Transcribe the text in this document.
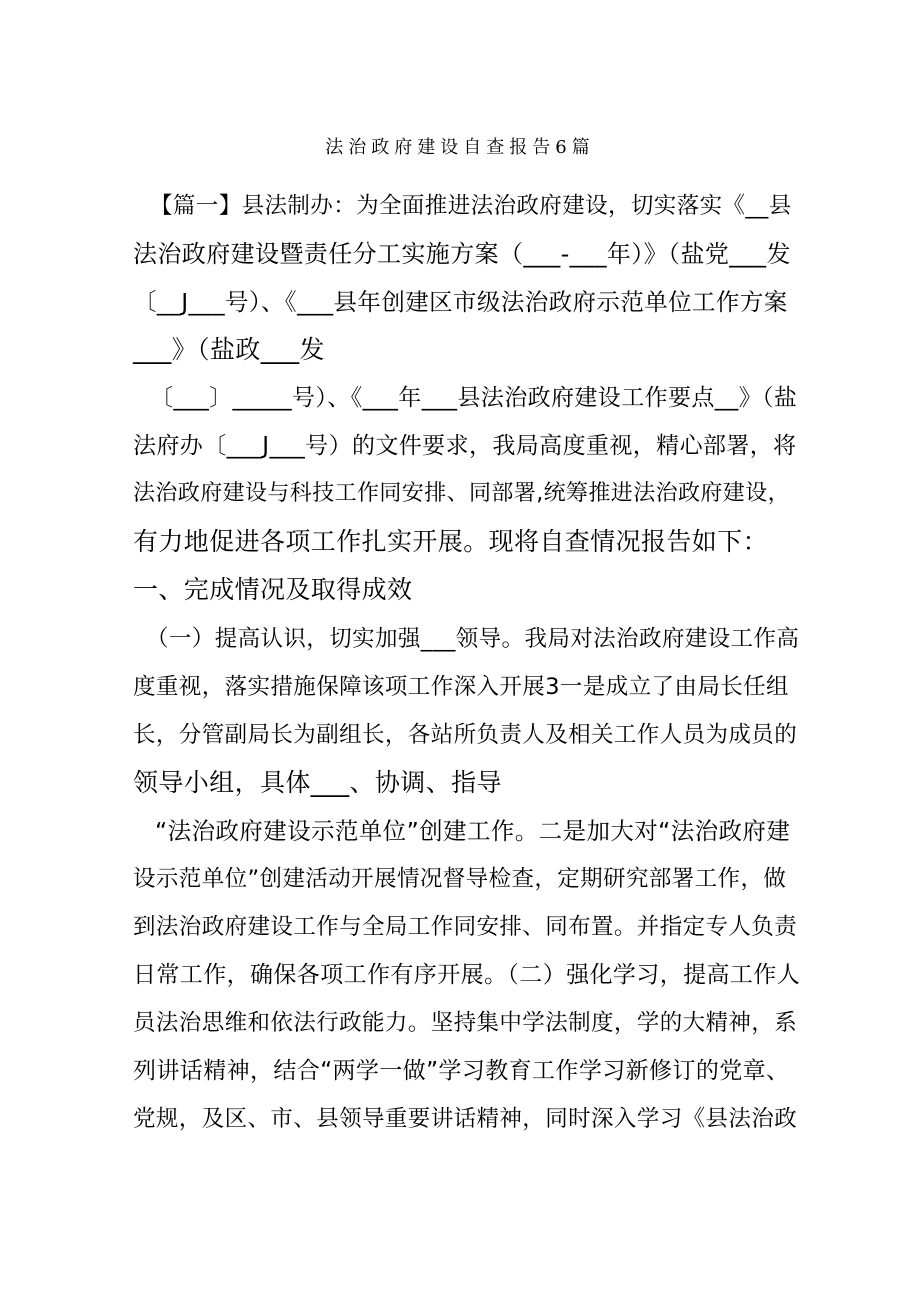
法治政府建设自查报告6篇
【篇一】县法制办：为全面推进法治政府建设，切实落实《__县
法治政府建设暨责任分工实施方案（___-___年）》（盐党___发
〔__J___号）、《___县年创建区市级法治政府示范单位工作方案
___》（盐政___发
〔___〕_____号）、《___年___县法治政府建设工作要点__》（盐
法府办〔___J___号）的文件要求，我局高度重视，精心部署，将
法治政府建设与科技工作同安排、同部署,统筹推进法治政府建设，
有力地促进各项工作扎实开展。现将自查情况报告如下：
一、完成情况及取得成效
（一）提高认识，切实加强___领导。我局对法治政府建设工作高
度重视，落实措施保障该项工作深入开展3一是成立了由局长任组
长，分管副局长为副组长，各站所负责人及相关工作人员为成员的
领导小组，具体___、协调、指导
“法治政府建设示范单位”创建工作。二是加大对“法治政府建
设示范单位”创建活动开展情况督导检查，定期研究部署工作，做
到法治政府建设工作与全局工作同安排、同布置。并指定专人负责
日常工作，确保各项工作有序开展。（二）强化学习，提高工作人
员法治思维和依法行政能力。坚持集中学法制度，学的大精神，系
列讲话精神，结合“两学一做”学习教育工作学习新修订的党章、
党规，及区、市、县领导重要讲话精神，同时深入学习《县法治政
